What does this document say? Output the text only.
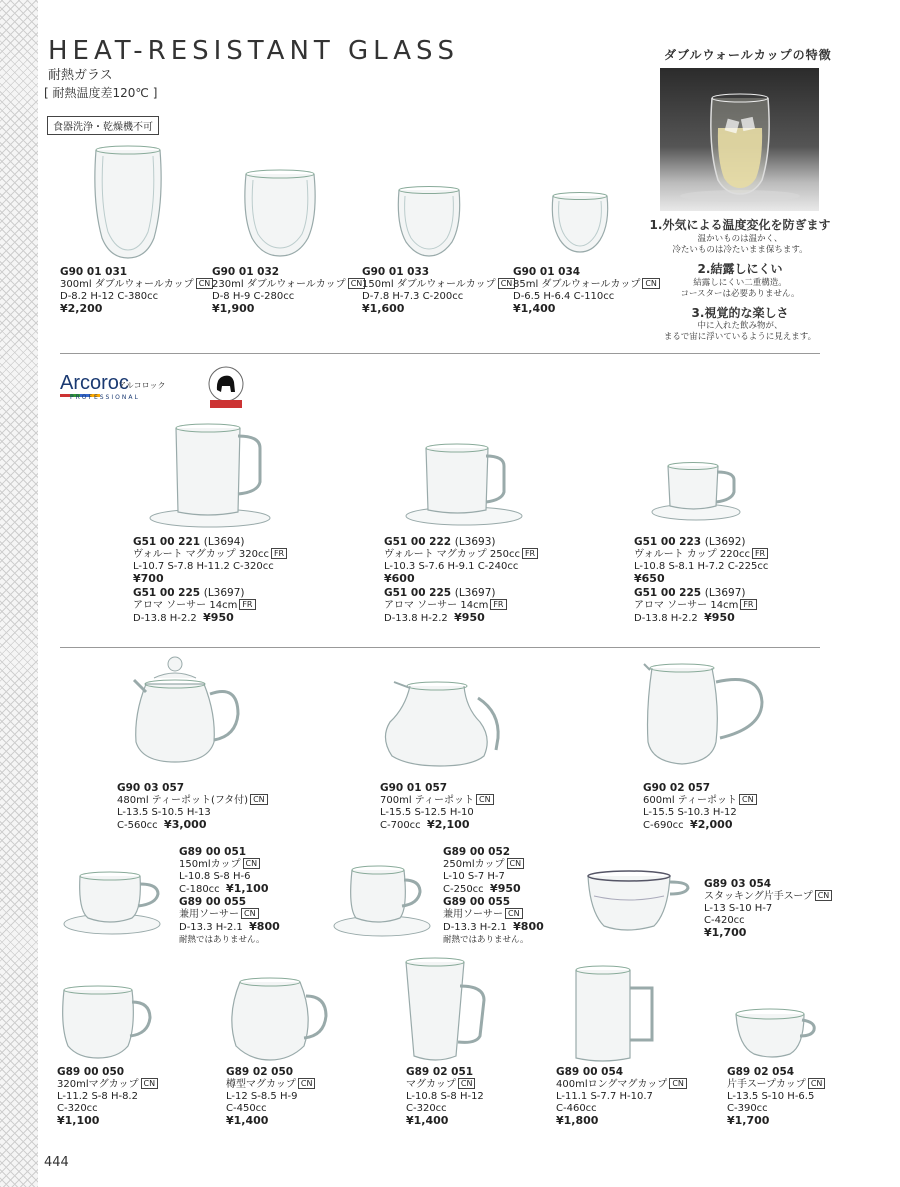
HEAT-RESISTANT GLASS
耐熱ガラス
[ 耐熱温度差120℃ ]
食器洗浄・乾燥機不可
G90 01 031
300ml ダブルウォールカップ CN
D-8.2 H-12 C-380cc
¥2,200
G90 01 032
230ml ダブルウォールカップ CN
D-8 H-9 C-280cc
¥1,900
G90 01 033
150ml ダブルウォールカップ CN
D-7.8 H-7.3 C-200cc
¥1,600
G90 01 034
85ml ダブルウォールカップ CN
D-6.5 H-6.4 C-110cc
¥1,400
ダブルウォールカップの特徴
1.外気による温度変化を防ぎます
温かいものは温かく、
冷たいものは冷たいまま保ちます。
2.結露しにくい
結露しにくい二重構造。
コースターは必要ありません。
3.視覚的な楽しさ
中に入れた飲み物が、
まるで宙に浮いているように見えます。
Arcoroc
PROFESSIONAL
アルコロック
G51 00 221 (L3694)
ヴォルート マグカップ 320cc FR
L-10.7 S-7.8 H-11.2 C-320cc
¥700
G51 00 225 (L3697)
アロマ ソーサー 14cm FR
D-13.8 H-2.2 ¥950
G51 00 222 (L3693)
ヴォルート マグカップ 250cc FR
L-10.3 S-7.6 H-9.1 C-240cc
¥600
G51 00 225 (L3697)
アロマ ソーサー 14cm FR
D-13.8 H-2.2 ¥950
G51 00 223 (L3692)
ヴォルート カップ 220cc FR
L-10.8 S-8.1 H-7.2 C-225cc
¥650
G51 00 225 (L3697)
アロマ ソーサー 14cm FR
D-13.8 H-2.2 ¥950
G90 03 057
480ml ティーポット(フタ付) CN
L-13.5 S-10.5 H-13
C-560cc ¥3,000
G90 01 057
700ml ティーポット CN
L-15.5 S-12.5 H-10
C-700cc ¥2,100
G90 02 057
600ml ティーポット CN
L-15.5 S-10.3 H-12
C-690cc ¥2,000
G89 00 051
150mlカップ CN
L-10.8 S-8 H-6
C-180cc ¥1,100
G89 00 055
兼用ソーサー CN
D-13.3 H-2.1 ¥800
耐熱ではありません。
G89 00 052
250mlカップ CN
L-10 S-7 H-7
C-250cc ¥950
G89 00 055
兼用ソーサー CN
D-13.3 H-2.1 ¥800
耐熱ではありません。
G89 03 054
スタッキング片手スープ CN
L-13 S-10 H-7
C-420cc
¥1,700
G89 00 050
320mlマグカップ CN
L-11.2 S-8 H-8.2
C-320cc
¥1,100
G89 02 050
樽型マグカップ CN
L-12 S-8.5 H-9
C-450cc
¥1,400
G89 02 051
マグカップ CN
L-10.8 S-8 H-12
C-320cc
¥1,400
G89 00 054
400mlロングマグカップ CN
L-11.1 S-7.7 H-10.7
C-460cc
¥1,800
G89 02 054
片手スープカップ CN
L-13.5 S-10 H-6.5
C-390cc
¥1,700
444
